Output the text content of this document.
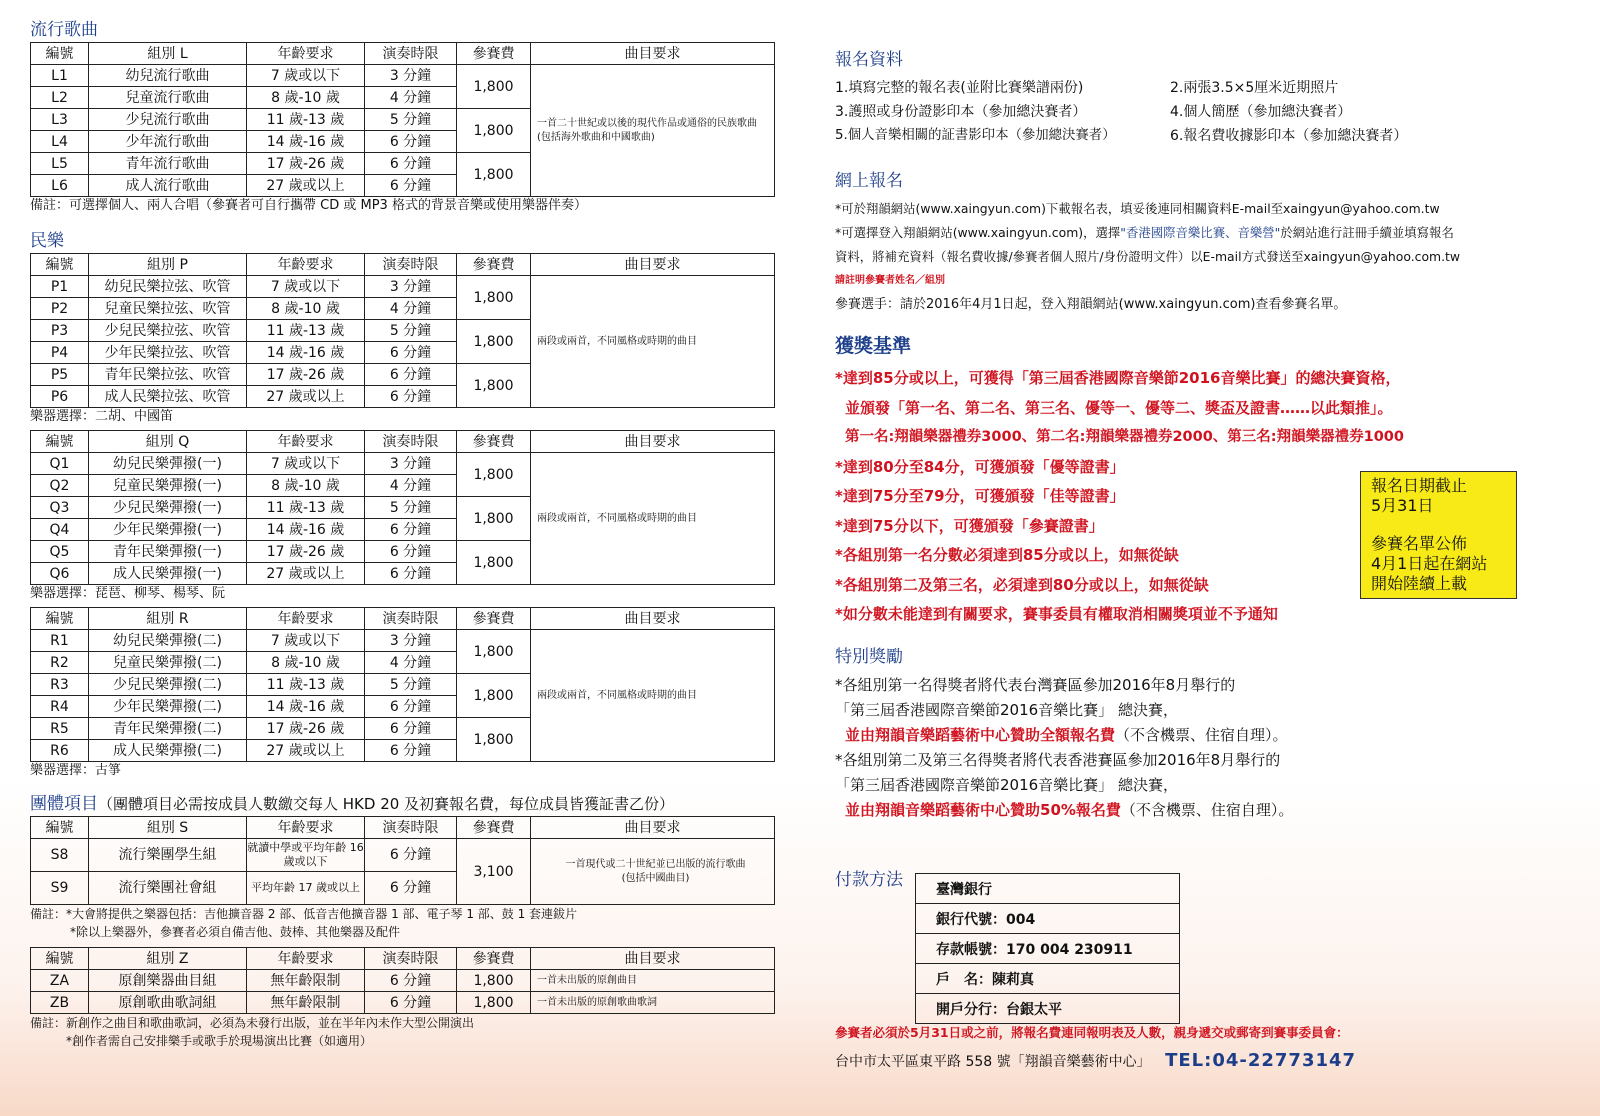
流行歌曲
編號	組別 L	年齡要求	演奏時限	參賽費	曲目要求
L1	幼兒流行歌曲	7 歲或以下	3 分鐘	1,800	一首二十世紀或以後的現代作品或通俗的民族歌曲
(包括海外歌曲和中國歌曲)
L2	兒童流行歌曲	8 歲-10 歲	4 分鐘		
L3	少兒流行歌曲	11 歲-13 歲	5 分鐘	1,800	
L4	少年流行歌曲	14 歲-16 歲	6 分鐘		
L5	青年流行歌曲	17 歲-26 歲	6 分鐘	1,800	
L6	成人流行歌曲	27 歲或以上	6 分鐘		
備註：可選擇個人、兩人合唱（參賽者可自行攜帶 CD 或 MP3 格式的背景音樂或使用樂器伴奏）
民樂
編號	組別 P	年齡要求	演奏時限	參賽費	曲目要求
P1	幼兒民樂拉弦、吹管	7 歲或以下	3 分鐘	1,800	兩段或兩首，不同風格或時期的曲目
P2	兒童民樂拉弦、吹管	8 歲-10 歲	4 分鐘		
P3	少兒民樂拉弦、吹管	11 歲-13 歲	5 分鐘	1,800	
P4	少年民樂拉弦、吹管	14 歲-16 歲	6 分鐘		
P5	青年民樂拉弦、吹管	17 歲-26 歲	6 分鐘	1,800	
P6	成人民樂拉弦、吹管	27 歲或以上	6 分鐘		
樂器選擇：二胡、中國笛
編號	組別 Q	年齡要求	演奏時限	參賽費	曲目要求
Q1	幼兒民樂彈撥(一)	7 歲或以下	3 分鐘	1,800	兩段或兩首，不同風格或時期的曲目
Q2	兒童民樂彈撥(一)	8 歲-10 歲	4 分鐘		
Q3	少兒民樂彈撥(一)	11 歲-13 歲	5 分鐘	1,800	
Q4	少年民樂彈撥(一)	14 歲-16 歲	6 分鐘		
Q5	青年民樂彈撥(一)	17 歲-26 歲	6 分鐘	1,800	
Q6	成人民樂彈撥(一)	27 歲或以上	6 分鐘		
樂器選擇：琵琶、柳琴、楊琴、阮
編號	組別 R	年齡要求	演奏時限	參賽費	曲目要求
R1	幼兒民樂彈撥(二)	7 歲或以下	3 分鐘	1,800	兩段或兩首，不同風格或時期的曲目
R2	兒童民樂彈撥(二)	8 歲-10 歲	4 分鐘		
R3	少兒民樂彈撥(二)	11 歲-13 歲	5 分鐘	1,800	
R4	少年民樂彈撥(二)	14 歲-16 歲	6 分鐘		
R5	青年民樂彈撥(二)	17 歲-26 歲	6 分鐘	1,800	
R6	成人民樂彈撥(二)	27 歲或以上	6 分鐘		
樂器選擇：古箏
團體項目（團體項目必需按成員人數繳交每人 HKD 20 及初賽報名費，每位成員皆獲証書乙份）
編號	組別 S	年齡要求	演奏時限	參賽費	曲目要求
S8	流行樂團學生組	就讀中學或平均年齡 16 歲或以下	6 分鐘	3,100	一首現代或二十世紀並已出版的流行歌曲
(包括中國曲目)
S9	流行樂團社會組	平均年齡 17 歲或以上	6 分鐘		
備註：*大會將提供之樂器包括：吉他擴音器 2 部、低音吉他擴音器 1 部、電子琴 1 部、鼓 1 套連鈸片
*除以上樂器外，參賽者必須自備吉他、鼓棒、其他樂器及配件
編號	組別 Z	年齡要求	演奏時限	參賽費	曲目要求
ZA	原創樂器曲目組	無年齡限制	6 分鐘	1,800	一首未出版的原創曲目
ZB	原創歌曲歌詞組	無年齡限制	6 分鐘	1,800	一首未出版的原創歌曲歌詞
備註：新創作之曲目和歌曲歌詞，必須為未發行出版，並在半年內未作大型公開演出
*創作者需自己安排樂手或歌手於現場演出比賽（如適用）
報名資料
1.填寫完整的報名表(並附比賽樂譜兩份)	2.兩張3.5×5厘米近期照片
3.護照或身份證影印本（參加總決賽者）	4.個人簡歷（參加總決賽者）
5.個人音樂相關的証書影印本（參加總決賽者）	6.報名費收據影印本（參加總決賽者）
網上報名
*可於翔韻網站(www.xaingyun.com)下載報名表，填妥後連同相關資料E-mail至xaingyun@yahoo.com.tw
*可選擇登入翔韻網站(www.xaingyun.com)，選擇"香港國際音樂比賽、音樂營"於網站進行註冊手續並填寫報名
資料，將補充資料（報名費收據/參賽者個人照片/身份證明文件）以E-mail方式發送至xaingyun@yahoo.com.tw
請註明參賽者姓名／組別
參賽選手：請於2016年4月1日起，登入翔韻網站(www.xaingyun.com)查看參賽名單。
獲獎基準
*達到85分或以上，可獲得「第三屆香港國際音樂節2016音樂比賽」的總決賽資格，
並頒發「第一名、第二名、第三名、優等一、優等二、獎盃及證書……以此類推」。
第一名:翔韻樂器禮券3000、第二名:翔韻樂器禮券2000、第三名:翔韻樂器禮券1000
*達到80分至84分，可獲頒發「優等證書」
*達到75分至79分，可獲頒發「佳等證書」
*達到75分以下，可獲頒發「參賽證書」
*各組別第一名分數必須達到85分或以上，如無從缺
*各組別第二及第三名，必須達到80分或以上，如無從缺
*如分數未能達到有關要求，賽事委員有權取消相關獎項並不予通知
報名日期截止
5月31日
參賽名單公佈
4月1日起在網站
開始陸續上載
特別獎勵
*各組別第一名得獎者將代表台灣賽區參加2016年8月舉行的
「第三屆香港國際音樂節2016音樂比賽」 總決賽，
並由翔韻音樂蹈藝術中心贊助全額報名費（不含機票、住宿自理）。
*各組別第二及第三名得獎者將代表香港賽區參加2016年8月舉行的
「第三屆香港國際音樂節2016音樂比賽」 總決賽，
並由翔韻音樂蹈藝術中心贊助50%報名費（不含機票、住宿自理）。
付款方法 臺灣銀行
銀行代號：004
存款帳號：170 004 230911
戶　名：陳莉真
開戶分行：台銀太平
參賽者必須於5月31日或之前，將報名費連同報明表及人數，親身遞交或郵寄到賽事委員會：
台中市太平區東平路 558 號「翔韻音樂藝術中心」 TEL:04-22773147
